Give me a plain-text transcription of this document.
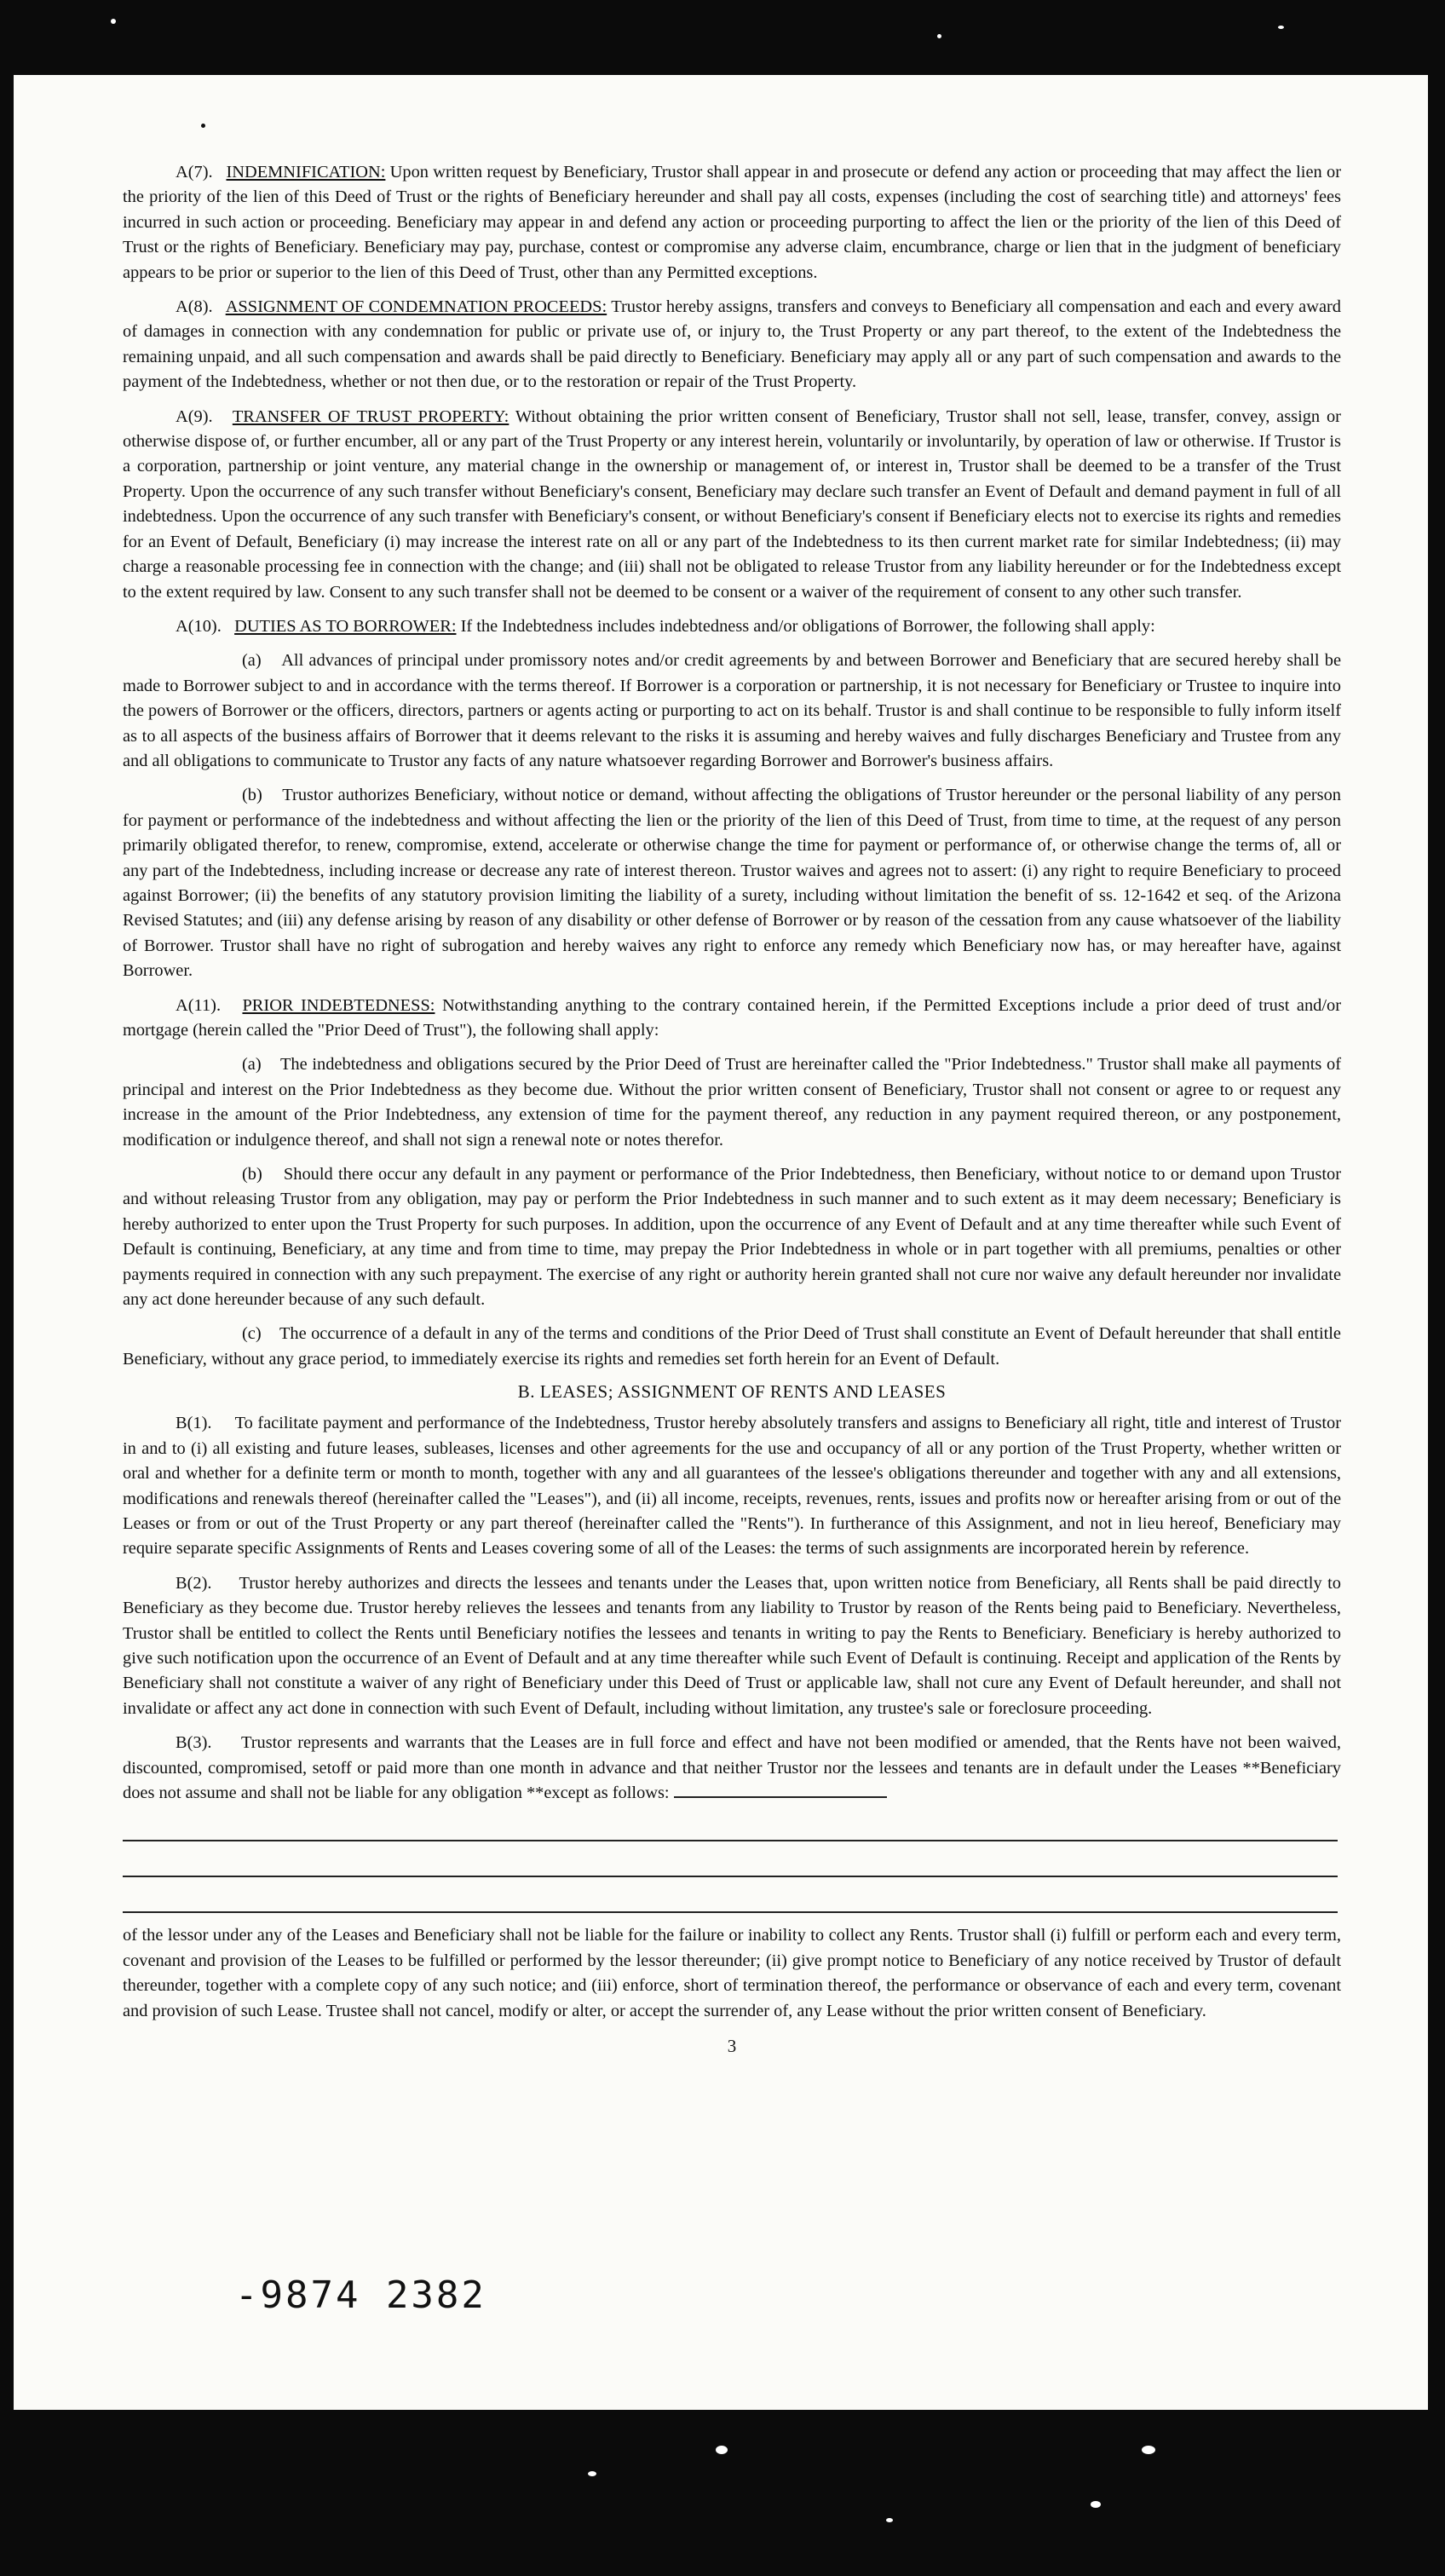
A(7). INDEMNIFICATION: Upon written request by Beneficiary, Trustor shall appear in and prosecute or defend any action or proceeding that may affect the lien or the priority of the lien of this Deed of Trust or the rights of Beneficiary hereunder and shall pay all costs, expenses (including the cost of searching title) and attorneys' fees incurred in such action or proceeding. Beneficiary may appear in and defend any action or proceeding purporting to affect the lien or the priority of the lien of this Deed of Trust or the rights of Beneficiary. Beneficiary may pay, purchase, contest or compromise any adverse claim, encumbrance, charge or lien that in the judgment of beneficiary appears to be prior or superior to the lien of this Deed of Trust, other than any Permitted exceptions.

A(8). ASSIGNMENT OF CONDEMNATION PROCEEDS: Trustor hereby assigns, transfers and conveys to Beneficiary all compensation and each and every award of damages in connection with any condemnation for public or private use of, or injury to, the Trust Property or any part thereof, to the extent of the Indebtedness the remaining unpaid, and all such compensation and awards shall be paid directly to Beneficiary. Beneficiary may apply all or any part of such compensation and awards to the payment of the Indebtedness, whether or not then due, or to the restoration or repair of the Trust Property.

A(9). TRANSFER OF TRUST PROPERTY: Without obtaining the prior written consent of Beneficiary, Trustor shall not sell, lease, transfer, convey, assign or otherwise dispose of, or further encumber, all or any part of the Trust Property or any interest herein, voluntarily or involuntarily, by operation of law or otherwise. If Trustor is a corporation, partnership or joint venture, any material change in the ownership or management of, or interest in, Trustor shall be deemed to be a transfer of the Trust Property. Upon the occurrence of any such transfer without Beneficiary's consent, Beneficiary may declare such transfer an Event of Default and demand payment in full of all indebtedness. Upon the occurrence of any such transfer with Beneficiary's consent, or without Beneficiary's consent if Beneficiary elects not to exercise its rights and remedies for an Event of Default, Beneficiary (i) may increase the interest rate on all or any part of the Indebtedness to its then current market rate for similar Indebtedness; (ii) may charge a reasonable processing fee in connection with the change; and (iii) shall not be obligated to release Trustor from any liability hereunder or for the Indebtedness except to the extent required by law. Consent to any such transfer shall not be deemed to be consent or a waiver of the requirement of consent to any other such transfer.

A(10). DUTIES AS TO BORROWER: If the Indebtedness includes indebtedness and/or obligations of Borrower, the following shall apply:

(a) All advances of principal under promissory notes and/or credit agreements by and between Borrower and Beneficiary that are secured hereby shall be made to Borrower subject to and in accordance with the terms thereof. If Borrower is a corporation or partnership, it is not necessary for Beneficiary or Trustee to inquire into the powers of Borrower or the officers, directors, partners or agents acting or purporting to act on its behalf. Trustor is and shall continue to be responsible to fully inform itself as to all aspects of the business affairs of Borrower that it deems relevant to the risks it is assuming and hereby waives and fully discharges Beneficiary and Trustee from any and all obligations to communicate to Trustor any facts of any nature whatsoever regarding Borrower and Borrower's business affairs.

(b) Trustor authorizes Beneficiary, without notice or demand, without affecting the obligations of Trustor hereunder or the personal liability of any person for payment or performance of the indebtedness and without affecting the lien or the priority of the lien of this Deed of Trust, from time to time, at the request of any person primarily obligated therefor, to renew, compromise, extend, accelerate or otherwise change the time for payment or performance of, or otherwise change the terms of, all or any part of the Indebtedness, including increase or decrease any rate of interest thereon. Trustor waives and agrees not to assert: (i) any right to require Beneficiary to proceed against Borrower; (ii) the benefits of any statutory provision limiting the liability of a surety, including without limitation the benefit of ss. 12-1642 et seq. of the Arizona Revised Statutes; and (iii) any defense arising by reason of any disability or other defense of Borrower or by reason of the cessation from any cause whatsoever of the liability of Borrower. Trustor shall have no right of subrogation and hereby waives any right to enforce any remedy which Beneficiary now has, or may hereafter have, against Borrower.

A(11). PRIOR INDEBTEDNESS: Notwithstanding anything to the contrary contained herein, if the Permitted Exceptions include a prior deed of trust and/or mortgage (herein called the "Prior Deed of Trust"), the following shall apply:

(a) The indebtedness and obligations secured by the Prior Deed of Trust are hereinafter called the "Prior Indebtedness." Trustor shall make all payments of principal and interest on the Prior Indebtedness as they become due. Without the prior written consent of Beneficiary, Trustor shall not consent or agree to or request any increase in the amount of the Prior Indebtedness, any extension of time for the payment thereof, any reduction in any payment required thereon, or any postponement, modification or indulgence thereof, and shall not sign a renewal note or notes therefor.

(b) Should there occur any default in any payment or performance of the Prior Indebtedness, then Beneficiary, without notice to or demand upon Trustor and without releasing Trustor from any obligation, may pay or perform the Prior Indebtedness in such manner and to such extent as it may deem necessary; Beneficiary is hereby authorized to enter upon the Trust Property for such purposes. In addition, upon the occurrence of any Event of Default and at any time thereafter while such Event of Default is continuing, Beneficiary, at any time and from time to time, may prepay the Prior Indebtedness in whole or in part together with all premiums, penalties or other payments required in connection with any such prepayment. The exercise of any right or authority herein granted shall not cure nor waive any default hereunder nor invalidate any act done hereunder because of any such default.

(c) The occurrence of a default in any of the terms and conditions of the Prior Deed of Trust shall constitute an Event of Default hereunder that shall entitle Beneficiary, without any grace period, to immediately exercise its rights and remedies set forth herein for an Event of Default.

B. LEASES; ASSIGNMENT OF RENTS AND LEASES

B(1). To facilitate payment and performance of the Indebtedness, Trustor hereby absolutely transfers and assigns to Beneficiary all right, title and interest of Trustor in and to (i) all existing and future leases, subleases, licenses and other agreements for the use and occupancy of all or any portion of the Trust Property, whether written or oral and whether for a definite term or month to month, together with any and all guarantees of the lessee's obligations thereunder and together with any and all extensions, modifications and renewals thereof (hereinafter called the "Leases"), and (ii) all income, receipts, revenues, rents, issues and profits now or hereafter arising from or out of the Leases or from or out of the Trust Property or any part thereof (hereinafter called the "Rents"). In furtherance of this Assignment, and not in lieu hereof, Beneficiary may require separate specific Assignments of Rents and Leases covering some of all of the Leases: the terms of such assignments are incorporated herein by reference.

B(2). Trustor hereby authorizes and directs the lessees and tenants under the Leases that, upon written notice from Beneficiary, all Rents shall be paid directly to Beneficiary as they become due. Trustor hereby relieves the lessees and tenants from any liability to Trustor by reason of the Rents being paid to Beneficiary. Nevertheless, Trustor shall be entitled to collect the Rents until Beneficiary notifies the lessees and tenants in writing to pay the Rents to Beneficiary. Beneficiary is hereby authorized to give such notification upon the occurrence of an Event of Default and at any time thereafter while such Event of Default is continuing. Receipt and application of the Rents by Beneficiary shall not constitute a waiver of any right of Beneficiary under this Deed of Trust or applicable law, shall not cure any Event of Default hereunder, and shall not invalidate or affect any act done in connection with such Event of Default, including without limitation, any trustee's sale or foreclosure proceeding.

B(3). Trustor represents and warrants that the Leases are in full force and effect and have not been modified or amended, that the Rents have not been waived, discounted, compromised, setoff or paid more than one month in advance and that neither Trustor nor the lessees and tenants are in default under the Leases **Beneficiary does not assume and shall not be liable for any obligation **except as follows:

of the lessor under any of the Leases and Beneficiary shall not be liable for the failure or inability to collect any Rents. Trustor shall (i) fulfill or perform each and every term, covenant and provision of the Leases to be fulfilled or performed by the lessor thereunder; (ii) give prompt notice to Beneficiary of any notice received by Trustor of default thereunder, together with a complete copy of any such notice; and (iii) enforce, short of termination thereof, the performance or observance of each and every term, covenant and provision of such Lease. Trustee shall not cancel, modify or alter, or accept the surrender of, any Lease without the prior written consent of Beneficiary.

3
-9874 2382
